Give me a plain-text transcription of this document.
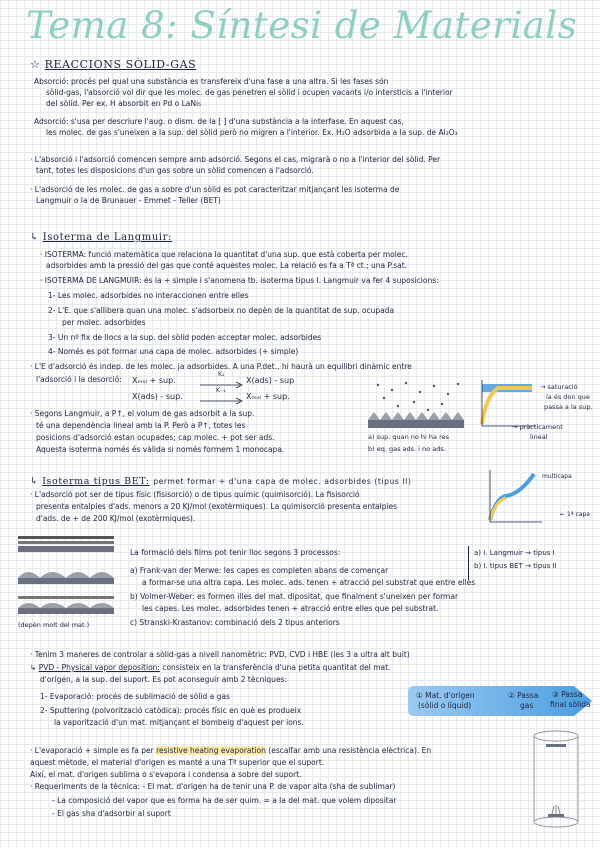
Tema 8: Síntesi de Materials
☆ REACCIONS SÒLID-GAS
Absorció: procés pel qual una substància es transfereix d'una fase a una altra. Si les fases són
sòlid-gas, l'absorció vol dir que les molec. de gas penetren el sòlid i ocupen vacants i/o intersticis a l'interior
del sòlid. Per ex. H absorbit en Pd o LaNi₅
Adsorció: s'usa per descriure l'aug. o dism. de la [ ] d'una substància a la interfase. En aquest cas,
les molec. de gas s'uneixen a la sup. del sòlid però no migren a l'interior. Ex. H₂O adsorbida a la sup. de Al₂O₃
· L'absorció i l'adsorció comencen sempre amb adsorció. Segons el cas, migrarà o no a l'interior del sòlid. Per
tant, totes les disposicions d'un gas sobre un sòlid comencen a l'adsorció.
· L'adsorció de les molec. de gas a sobre d'un sòlid es pot caracteritzar mitjançant les isoterma de
Langmuir o la de Brunauer - Emmet - Teller (BET)
↳ Isoterma de Langmuir:
· ISOTERMA: funció matemàtica que relaciona la quantitat d'una sup. que està coberta per molec.
adsorbides amb la pressió del gas que conté aquestes molec. La relació es fa a Tª ct.; una P.sat.
· ISOTERMA DE LANGMUIR: és la + simple i s'anomena tb. isoterma tipus I. Langmuir va fer 4 suposicions:
1- Les molec. adsorbides no interaccionen entre elles
2- L'E. que s'allibera quan una molec. s'adsorbeix no depèn de la quantitat de sup. ocupada
per molec. adsorbides
3- Un nº fix de llocs a la sup. del sòlid poden acceptar molec. adsorbides
4- Només es pot formar una capa de molec. adsorbides (+ simple)
· L'E d'adsorció és indep. de les molec. ja adsorbides. A una P.det., hi haurà un equilibri dinàmic entre
l'adsorció i la desorció: Xₘₒₗ + sup.
K₁
X(ads) - sup
X(ads) - sup.
K₋₁
Xₘₒₗ + sup.
· Segons Langmuir, a P↑, el volum de gas adsorbit a la sup.
té una dependència lineal amb la P. Però a P↑, totes les
posicions d'adsorció estan ocupades; cap molec. + pot ser ads.
Aquesta isoterma només és vàlida si només formem 1 monocapa.
a) sup. quan no hi ha res
b) eq. gas ads. i no ads.
→ saturació
la és don que
passa a la sup.
→ pràcticament
lineal
↳ Isoterma tipus BET: permet formar + d'una capa de molec. adsorbides (tipus II)
· L'adsorció pot ser de tipus físic (fisisorció) o de tipus químic (quimisorció). La fisisorció
presenta entalpies d'ads. menors a 20 KJ/mol (exotèrmiques). La quimisorció presenta entalpies
d'ads. de + de 200 KJ/mol (exotèrmiques).
multicapa
← 1ª capa
(depèn molt del mat.)
La formació dels films pot tenir lloc segons 3 processos:
a) Frank-van der Merwe: les capes es completen abans de començar
a formar-se una altra capa. Les molec. ads. tenen + atracció pel substrat que entre elles
b) Volmer-Weber: es formen illes del mat. dipositat, que finalment s'uneixen per formar
les capes. Les molec. adsorbides tenen + atracció entre elles que pel substrat.
c) Stranski-Krastanov: combinació dels 2 tipus anteriors
a) I. Langmuir → tipus I
b) I. tipus BET → tipus II
· Tenim 3 maneres de controlar a sòlid-gas a nivell nanomètric: PVD, CVD i HBE (les 3 a ultra alt buit)
↳ PVD - Physical vapor deposition: consisteix en la transferència d'una petita quantitat del mat.
d'origen, a la sup. del suport. Es pot aconseguir amb 2 tècniques:
1- Evaporació: procés de sublimació de sòlid a gas
2- Sputtering (polvorització catòdica): procés físic en què es produeix
la vaporització d'un mat. mitjançant el bombeig d'aquest per ions.
① Mat. d'origen
(sòlid o líquid)
② Passa
gas
③ Passa
final sòlida
· L'evaporació + simple es fa per resistive heating evaporation (escalfar amb una resistència elèctrica). En
aquest mètode, el material d'origen es manté a una Tª superior que el suport.
Així, el mat. d'origen sublima o s'evapora i condensa a sobre del suport.
· Requeriments de la tècnica: - El mat. d'origen ha de tenir una P. de vapor alta (sha de sublimar)
- La composició del vapor que es forma ha de ser quim. = a la del mat. que volem dipositar
- El gas sha d'adsorbir al suport
